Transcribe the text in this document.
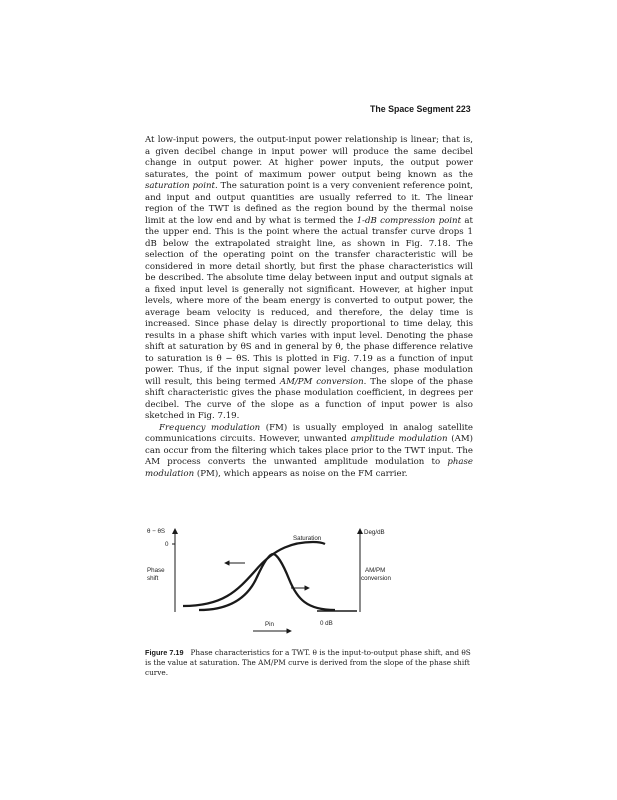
The Space Segment 223

At low-input powers, the output-input power relationship is linear; that is, a given decibel change in input power will produce the same decibel change in output power. At higher power inputs, the output power saturates, the point of maximum power output being known as the saturation point. The saturation point is a very convenient reference point, and input and output quantities are usually referred to it. The linear region of the TWT is defined as the region bound by the thermal noise limit at the low end and by what is termed the 1-dB compression point at the upper end. This is the point where the actual transfer curve drops 1 dB below the extrapolated straight line, as shown in Fig. 7.18. The selection of the operating point on the transfer characteristic will be considered in more detail shortly, but first the phase characteristics will be described. The absolute time delay between input and output signals at a fixed input level is generally not significant. However, at higher input levels, where more of the beam energy is converted to output power, the average beam velocity is reduced, and therefore, the delay time is increased. Since phase delay is directly proportional to time delay, this results in a phase shift which varies with input level. Denoting the phase shift at saturation by θS and in general by θ, the phase difference relative to saturation is θ − θS. This is plotted in Fig. 7.19 as a function of input power. Thus, if the input signal power level changes, phase modulation will result, this being termed AM/PM conversion. The slope of the phase shift characteristic gives the phase modulation coefficient, in degrees per decibel. The curve of the slope as a function of input power is also sketched in Fig. 7.19.

Frequency modulation (FM) is usually employed in analog satellite communications circuits. However, unwanted amplitude modulation (AM) can occur from the filtering which takes place prior to the TWT input. The AM process converts the unwanted amplitude modulation to phase modulation (PM), which appears as noise on the FM carrier.

θ − θS
0
Phase
shift
Deg/dB
AM/PM
conversion
Saturation
0 dB
Pin
Figure 7.19 Phase characteristics for a TWT. θ is the input-to-output phase shift, and θS is the value at saturation. The AM/PM curve is derived from the slope of the phase shift curve.
